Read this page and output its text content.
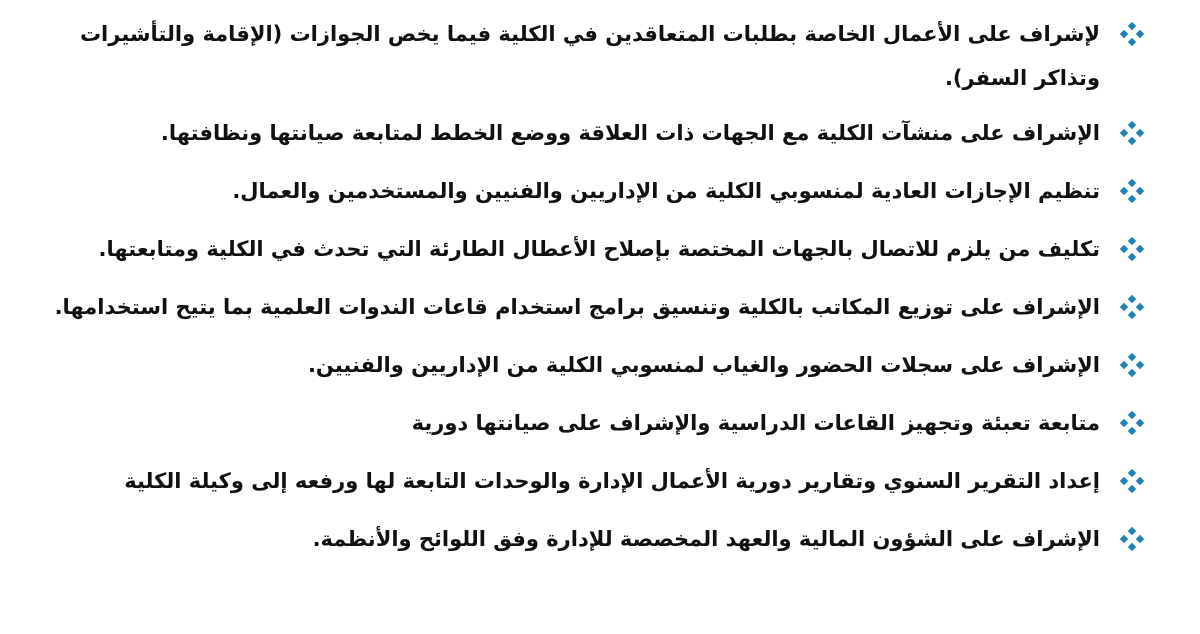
لإشراف على الأعمال الخاصة بطلبات المتعاقدين في الكلية فيما يخص الجوازات (الإقامة والتأشيرات وتذاكر السفر).
الإشراف على منشآت الكلية مع الجهات ذات العلاقة ووضع الخطط لمتابعة صيانتها ونظافتها.
تنظيم الإجازات العادية لمنسوبي الكلية من الإداريين والفنيين والمستخدمين والعمال.
تكليف من يلزم للاتصال بالجهات المختصة بإصلاح الأعطال الطارئة التي تحدث في الكلية ومتابعتها.
الإشراف على توزيع المكاتب بالكلية وتنسيق برامج استخدام قاعات الندوات العلمية بما يتيح استخدامها.
الإشراف على سجلات الحضور والغياب لمنسوبي الكلية من الإداريين والفنيين.
متابعة تعبئة وتجهيز القاعات الدراسية والإشراف على صيانتها دورية
إعداد التقرير السنوي وتقارير دورية الأعمال الإدارة والوحدات التابعة لها ورفعه إلى وكيلة الكلية
الإشراف على الشؤون المالية والعهد المخصصة للإدارة وفق اللوائح والأنظمة.
